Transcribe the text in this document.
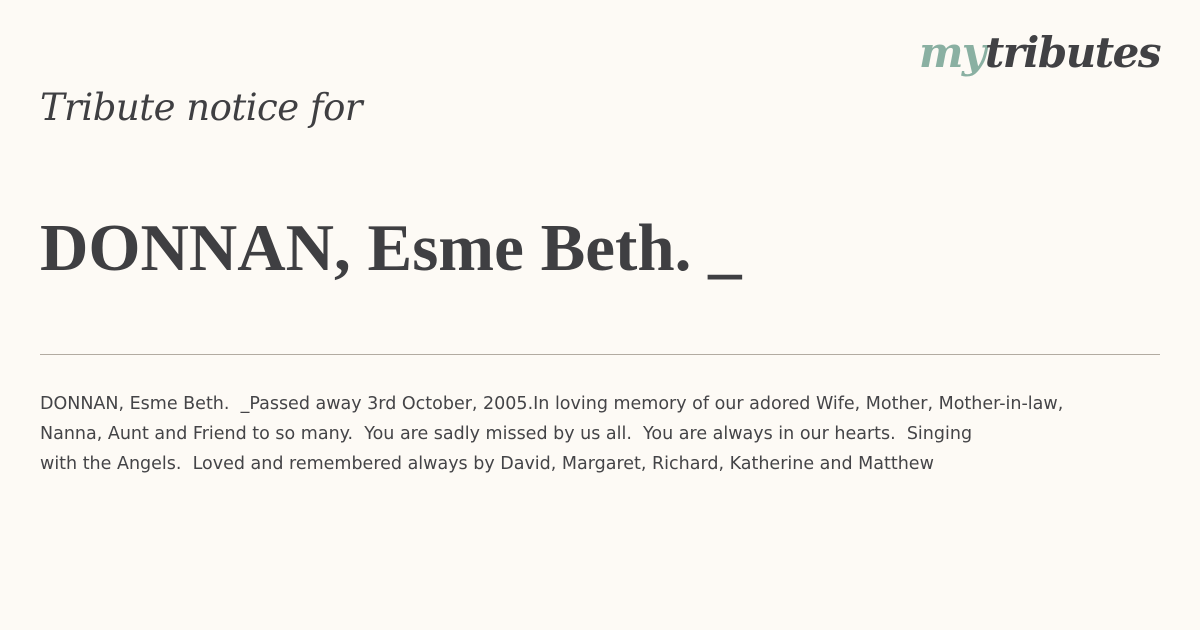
mytributes
Tribute notice for
DONNAN, Esme Beth. _
DONNAN, Esme Beth.  _Passed away 3rd October, 2005.In loving memory of our adored Wife, Mother, Mother-in-law,
Nanna, Aunt and Friend to so many.  You are sadly missed by us all.  You are always in our hearts.  Singing
with the Angels.  Loved and remembered always by David, Margaret, Richard, Katherine and Matthew
